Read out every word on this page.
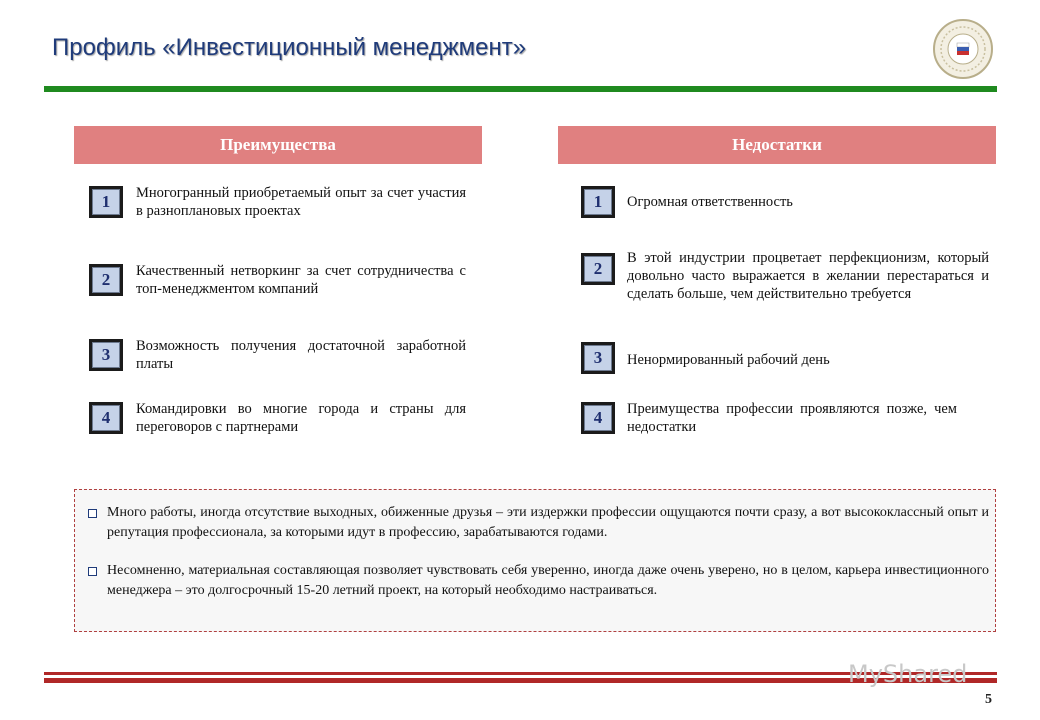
Профиль «Инвестиционный менеджмент»
Преимущества	Недостатки
1	Многогранный приобретаемый опыт за счет участия в разноплановых проектах
2	Качественный нетворкинг за счет сотрудничества с топ-менеджментом компаний
3	Возможность получения достаточной заработной платы
4	Командировки во многие города и страны для переговоров с партнерами
1	Огромная ответственность
2
В этой индустрии процветает перфекционизм, который довольно часто выражается в желании перестараться и сделать больше, чем действительно требуется
3	Ненормированный рабочий день
4	Преимущества профессии проявляются позже, чем недостатки
Много работы, иногда отсутствие выходных, обиженные друзья – эти издержки профессии ощущаются почти сразу, а вот высококлассный опыт и репутация профессионала, за которыми идут в профессию, зарабатываются годами.
Несомненно, материальная составляющая позволяет чувствовать себя уверенно, иногда даже очень уверено, но в целом, карьера инвестиционного менеджера – это долгосрочный 15-20 летний проект, на который необходимо настраиваться.
MyShared
5
